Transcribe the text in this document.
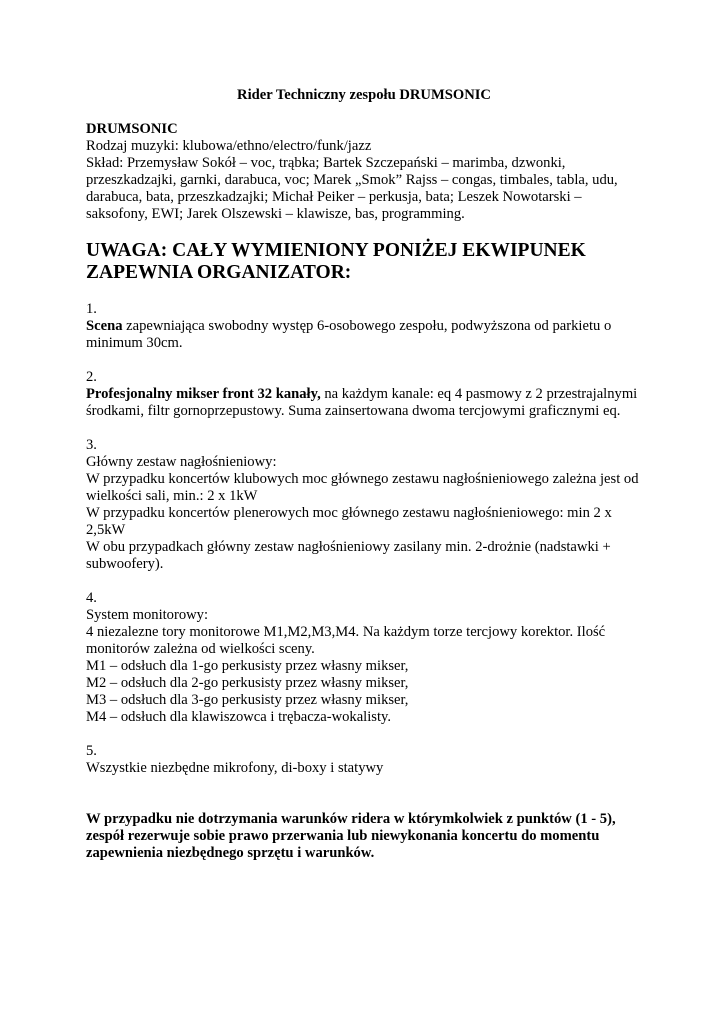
Rider Techniczny zespołu DRUMSONIC

DRUMSONIC

Rodzaj muzyki: klubowa/ethno/electro/funk/jazz

Skład: Przemysław Sokół – voc, trąbka; Bartek Szczepański – marimba, dzwonki, przeszkadzajki, garnki, darabuca, voc; Marek „Smok” Rajss – congas, timbales, tabla, udu, darabuca, bata, przeszkadzajki; Michał Peiker – perkusja, bata; Leszek Nowotarski – saksofony, EWI; Jarek Olszewski – klawisze, bas, programming.

UWAGA: CAŁY WYMIENIONY PONIŻEJ EKWIPUNEK ZAPEWNIA ORGANIZATOR:

1.

Scena zapewniająca swobodny występ 6-osobowego zespołu, podwyższona od parkietu o minimum 30cm.

2.

Profesjonalny mikser front 32 kanały, na każdym kanale: eq 4 pasmowy z 2 przestrajalnymi środkami, filtr gornoprzepustowy. Suma zainsertowana dwoma tercjowymi graficznymi eq.

3.

Główny zestaw nagłośnieniowy:

W przypadku koncertów klubowych moc głównego zestawu nagłośnieniowego zależna jest od wielkości sali, min.: 2 x 1kW

W przypadku koncertów plenerowych moc głównego zestawu nagłośnieniowego: min 2 x 2,5kW

W obu przypadkach główny zestaw nagłośnieniowy zasilany min. 2-drożnie (nadstawki + subwoofery).

4.

System monitorowy:

4 niezalezne tory monitorowe M1,M2,M3,M4. Na każdym torze tercjowy korektor. Ilość monitorów zależna od wielkości sceny.

M1 – odsłuch dla 1-go perkusisty przez własny mikser,

M2 – odsłuch dla 2-go perkusisty przez własny mikser,

M3 – odsłuch dla 3-go perkusisty przez własny mikser,

M4 – odsłuch dla klawiszowca i trębacza-wokalisty.

5.

Wszystkie niezbędne mikrofony, di-boxy i statywy

W przypadku nie dotrzymania warunków ridera w którymkolwiek z punktów (1 - 5), zespół rezerwuje sobie prawo przerwania lub niewykonania koncertu do momentu zapewnienia niezbędnego sprzętu i warunków.
